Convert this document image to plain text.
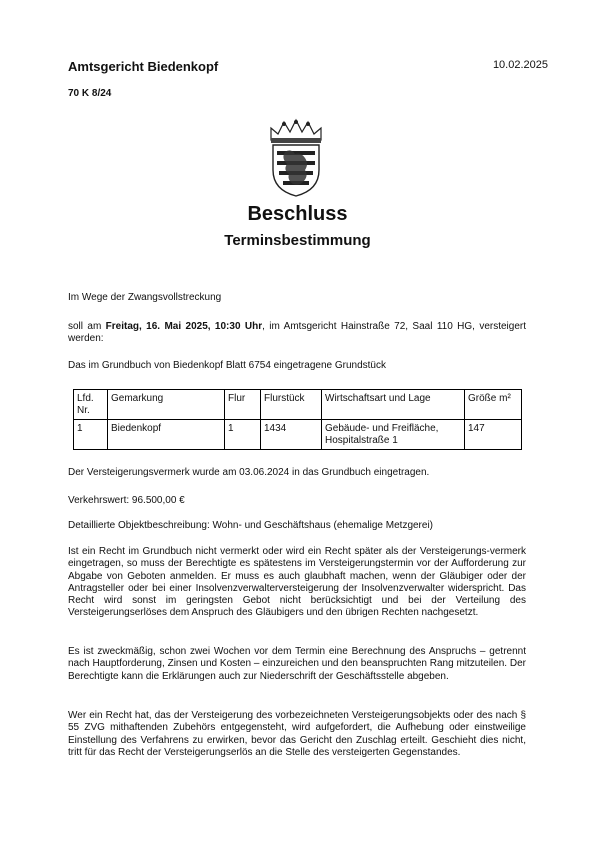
Amtsgericht Biedenkopf	10.02.2025
70 K 8/24
Beschluss
Terminsbestimmung
Im Wege der Zwangsvollstreckung
soll am Freitag, 16. Mai 2025, 10:30 Uhr, im Amtsgericht Hainstraße 72, Saal 110 HG, versteigert werden:
Das im Grundbuch von Biedenkopf Blatt 6754 eingetragene Grundstück
Lfd. Nr.	Gemarkung	Flur	Flurstück	Wirtschaftsart und Lage	Größe m²
1	Biedenkopf	1	1434	Gebäude- und Freifläche, Hospitalstraße 1	147
Der Versteigerungsvermerk wurde am 03.06.2024 in das Grundbuch eingetragen.
Verkehrswert: 96.500,00 €
Detaillierte Objektbeschreibung: Wohn- und Geschäftshaus (ehemalige Metzgerei)
Ist ein Recht im Grundbuch nicht vermerkt oder wird ein Recht später als der Versteigerungs-vermerk eingetragen, so muss der Berechtigte es spätestens im Versteigerungstermin vor der Aufforderung zur Abgabe von Geboten anmelden. Er muss es auch glaubhaft machen, wenn der Gläubiger oder der Antragsteller oder bei einer Insolvenzverwalterversteigerung der Insolvenzverwalter widerspricht. Das Recht wird sonst im geringsten Gebot nicht berücksichtigt und bei der Verteilung des Versteigerungserlöses dem Anspruch des Gläubigers und den übrigen Rechten nachgesetzt.
Es ist zweckmäßig, schon zwei Wochen vor dem Termin eine Berechnung des Anspruchs – getrennt nach Hauptforderung, Zinsen und Kosten – einzureichen und den beanspruchten Rang mitzuteilen. Der Berechtigte kann die Erklärungen auch zur Niederschrift der Geschäftsstelle abgeben.
Wer ein Recht hat, das der Versteigerung des vorbezeichneten Versteigerungsobjekts oder des nach § 55 ZVG mithaftenden Zubehörs entgegensteht, wird aufgefordert, die Aufhebung oder einstweilige Einstellung des Verfahrens zu erwirken, bevor das Gericht den Zuschlag erteilt. Geschieht dies nicht, tritt für das Recht der Versteigerungserlös an die Stelle des versteigerten Gegenstandes.
